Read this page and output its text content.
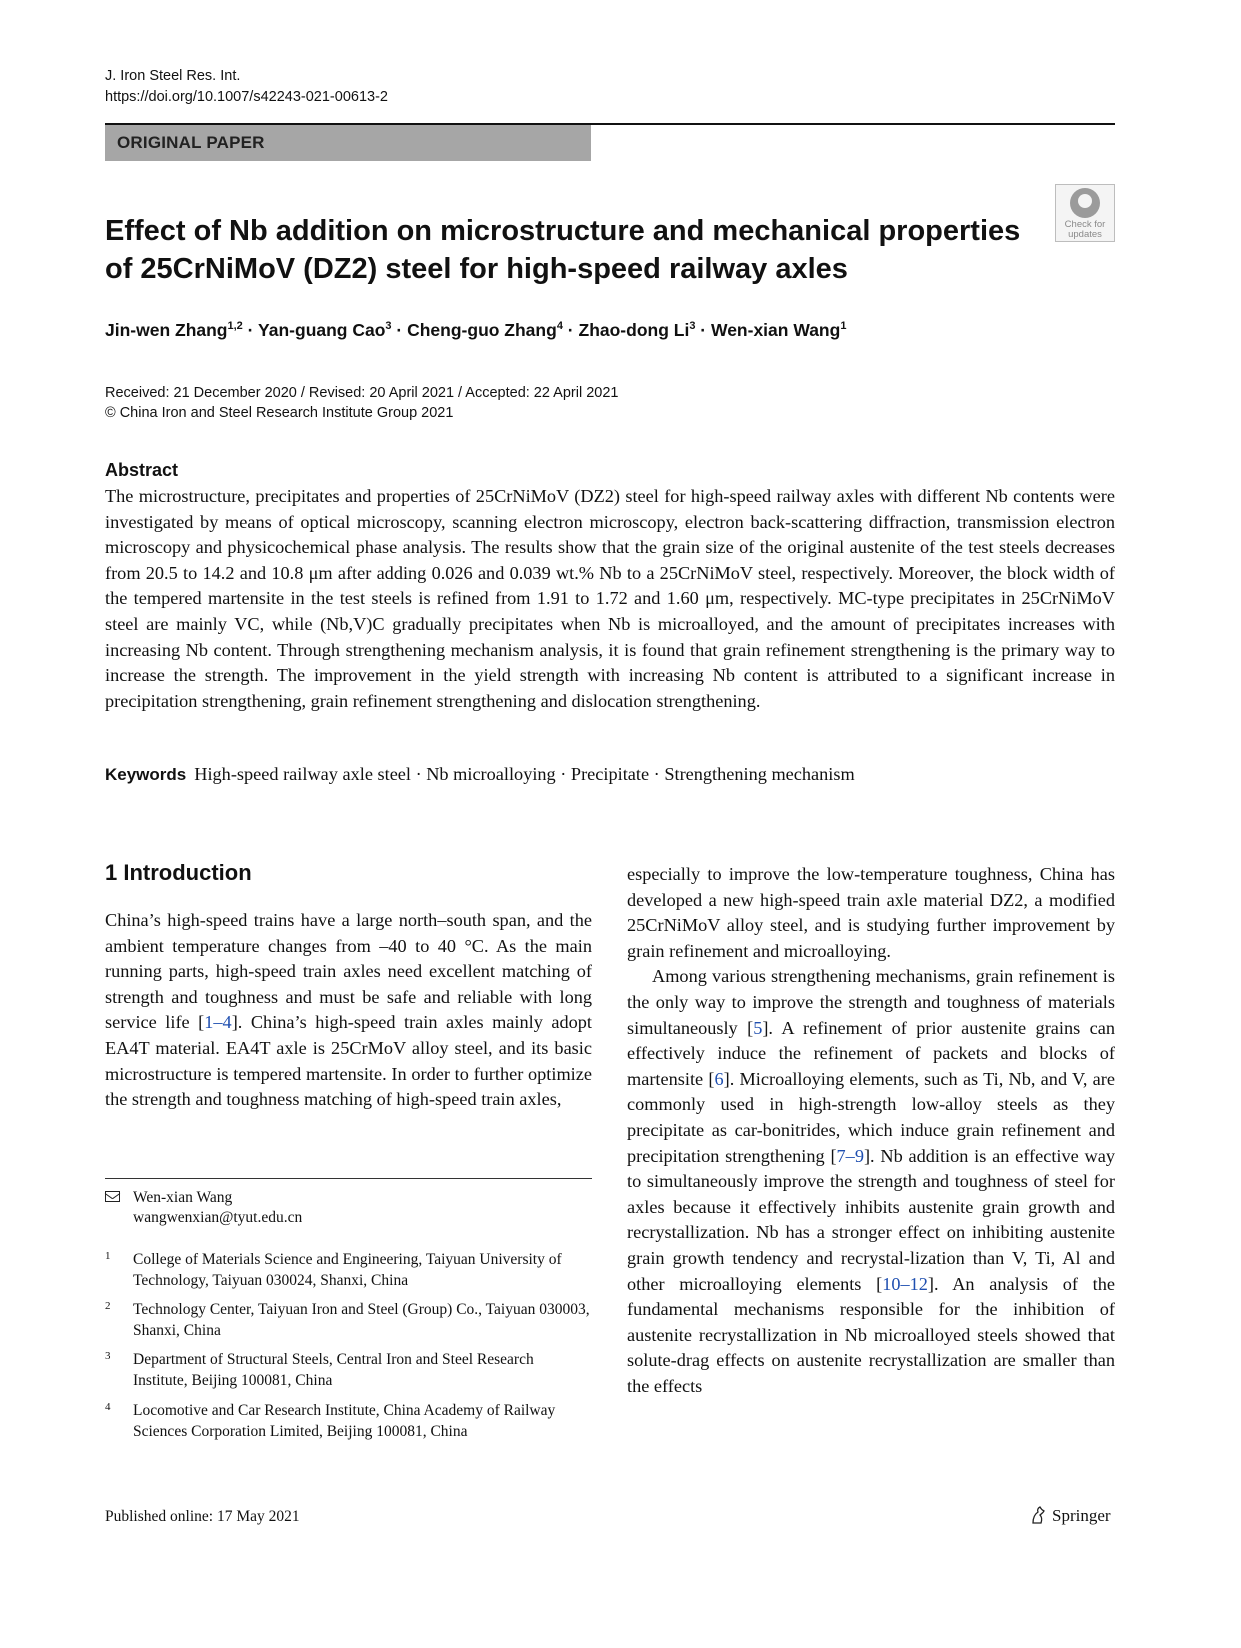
J. Iron Steel Res. Int.
https://doi.org/10.1007/s42243-021-00613-2
ORIGINAL PAPER
Check for
updates
Effect of Nb addition on microstructure and mechanical properties of 25CrNiMoV (DZ2) steel for high-speed railway axles
Jin-wen Zhang$^{1,2}$ · Yan-guang Cao$^3$ · Cheng-guo Zhang$^4$ · Zhao-dong $Li^3$ · Wen-xian Wang$^1$
Received: 21 December 2020 / Revised: 20 April 2021 / Accepted: 22 April 2021
© China Iron and Steel Research Institute Group 2021
Abstract
The microstructure, precipitates and properties of 25CrNiMoV (DZ2) steel for high-speed railway axles with different Nb contents were investigated by means of optical microscopy, scanning electron microscopy, electron back-scattering diffraction, transmission electron microscopy and physicochemical phase analysis. The results show that the grain size of the original austenite of the test steels decreases from 20.5 to 14.2 and 10.8 μm after adding 0.026 and 0.039 wt.% Nb to a 25CrNiMoV steel, respectively. Moreover, the block width of the tempered martensite in the test steels is refined from 1.91 to 1.72 and 1.60 μm, respectively. MC-type precipitates in 25CrNiMoV steel are mainly VC, while (Nb,V)C gradually precipitates when Nb is microalloyed, and the amount of precipitates increases with increasing Nb content. Through strengthening mechanism analysis, it is found that grain refinement strengthening is the primary way to increase the strength. The improvement in the yield strength with increasing Nb content is attributed to a significant increase in precipitation strengthening, grain refinement strengthening and dislocation strengthening.
Keywords High-speed railway axle steel · Nb microalloying · Precipitate · Strengthening mechanism
1 Introduction

China’s high-speed trains have a large north–south span, and the ambient temperature changes from –40 to 40 °C. As the main running parts, high-speed train axles need excellent matching of strength and toughness and must be safe and reliable with long service life [1–4]. China’s high-speed train axles mainly adopt EA4T material. EA4T axle is 25CrMoV alloy steel, and its basic microstructure is tempered martensite. In order to further optimize the strength and toughness matching of high-speed train axles,

especially to improve the low-temperature toughness, China has developed a new high-speed train axle material DZ2, a modified 25CrNiMoV alloy steel, and is studying further improvement by grain refinement and microalloying.

Among various strengthening mechanisms, grain refinement is the only way to improve the strength and toughness of materials simultaneously [5]. A refinement of prior austenite grains can effectively induce the refinement of packets and blocks of martensite [6]. Microalloying elements, such as Ti, Nb, and V, are commonly used in high-strength low-alloy steels as they precipitate as car-bonitrides, which induce grain refinement and precipitation strengthening [7–9]. Nb addition is an effective way to simultaneously improve the strength and toughness of steel for axles because it effectively inhibits austenite grain growth and recrystallization. Nb has a stronger effect on inhibiting austenite grain growth tendency and recrystal-lization than V, Ti, Al and other microalloying elements [10–12]. An analysis of the fundamental mechanisms responsible for the inhibition of austenite recrystallization in Nb microalloyed steels showed that solute-drag effects on austenite recrystallization are smaller than the effects

Wen-xian Wang
wangwenxian@tyut.edu.cn
1 College of Materials Science and Engineering, Taiyuan University of Technology, Taiyuan 030024, Shanxi, China
2 Technology Center, Taiyuan Iron and Steel (Group) Co., Taiyuan 030003, Shanxi, China
3 Department of Structural Steels, Central Iron and Steel Research Institute, Beijing 100081, China
4 Locomotive and Car Research Institute, China Academy of Railway Sciences Corporation Limited, Beijing 100081, China
Published online: 17 May 2021	Springer
